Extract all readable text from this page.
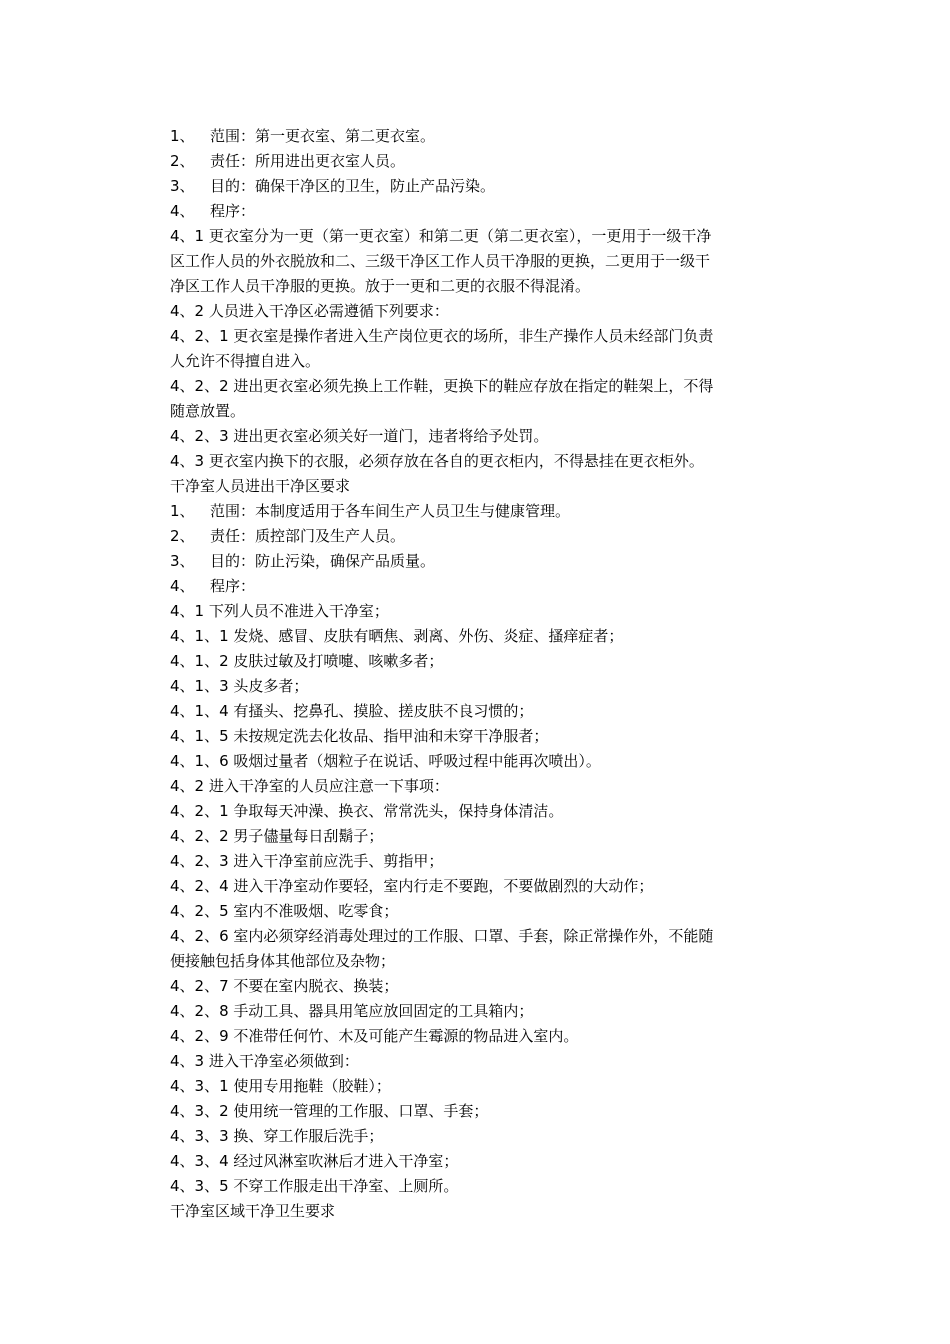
1、 范围：第一更衣室、第二更衣室。

2、 责任：所用进出更衣室人员。

3、 目的：确保干净区的卫生，防止产品污染。

4、 程序：

4、1 更衣室分为一更（第一更衣室）和第二更（第二更衣室），一更用于一级干净

区工作人员的外衣脱放和二、三级干净区工作人员干净服的更换，二更用于一级干

净区工作人员干净服的更换。放于一更和二更的衣服不得混淆。

4、2 人员进入干净区必需遵循下列要求：

4、2、1 更衣室是操作者进入生产岗位更衣的场所，非生产操作人员未经部门负责

人允许不得擅自进入。

4、2、2 进出更衣室必须先换上工作鞋，更换下的鞋应存放在指定的鞋架上，不得

随意放置。

4、2、3 进出更衣室必须关好一道门，违者将给予处罚。

4、3 更衣室内换下的衣服，必须存放在各自的更衣柜内，不得悬挂在更衣柜外。

干净室人员进出干净区要求

1、 范围：本制度适用于各车间生产人员卫生与健康管理。

2、 责任：质控部门及生产人员。

3、 目的：防止污染，确保产品质量。

4、 程序：

4、1 下列人员不准进入干净室；

4、1、1 发烧、感冒、皮肤有晒焦、剥离、外伤、炎症、搔痒症者；

4、1、2 皮肤过敏及打喷嚏、咳嗽多者；

4、1、3 头皮多者；

4、1、4 有搔头、挖鼻孔、摸脸、搓皮肤不良习惯的；

4、1、5 未按规定洗去化妆品、指甲油和未穿干净服者；

4、1、6 吸烟过量者（烟粒子在说话、呼吸过程中能再次喷出）。

4、2 进入干净室的人员应注意一下事项：

4、2、1 争取每天冲澡、换衣、常常洗头，保持身体清洁。

4、2、2 男子儘量每日刮鬍子；

4、2、3 进入干净室前应洗手、剪指甲；

4、2、4 进入干净室动作要轻，室内行走不要跑，不要做剧烈的大动作；

4、2、5 室内不准吸烟、吃零食；

4、2、6 室内必须穿经消毒处理过的工作服、口罩、手套，除正常操作外，不能随

便接触包括身体其他部位及杂物；

4、2、7 不要在室内脱衣、换装；

4、2、8 手动工具、器具用笔应放回固定的工具箱内；

4、2、9 不准带任何竹、木及可能产生霉源的物品进入室内。

4、3 进入干净室必须做到：

4、3、1 使用专用拖鞋（胶鞋）；

4、3、2 使用统一管理的工作服、口罩、手套；

4、3、3 换、穿工作服后洗手；

4、3、4 经过风淋室吹淋后才进入干净室；

4、3、5 不穿工作服走出干净室、上厕所。

干净室区域干净卫生要求
